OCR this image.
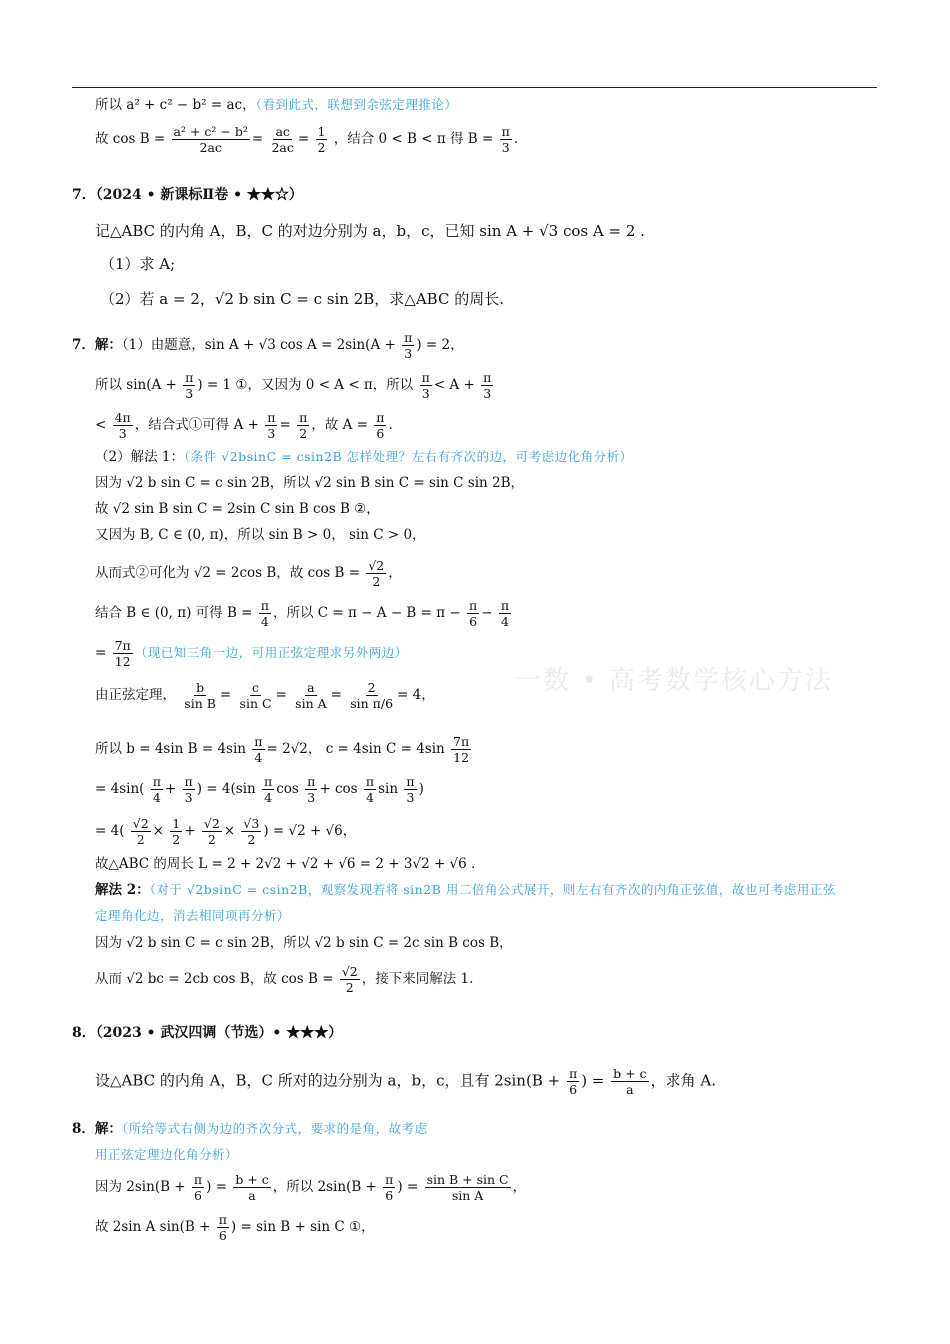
一数 • 高考数学核心方法
所以 a² + c² − b² = ac，（看到此式，联想到余弦定理推论）
故 $\cos B = \frac{\text{a² + c² − b²}}{2ac} = \frac{ac}{2ac} = \frac{1}{2}$ ，结合 0 < B < π 得 $B = \frac{\pi}{3}$ .
7．（2024 • 新课标Ⅱ卷 • ★★☆）
记△ABC 的内角 A，B，C 的对边分别为 a，b，c，已知 sin A + √3 cos A = 2 .
（1）求 A;
（2）若 a = 2，√2 b sin C = c sin 2B，求△ABC 的周长.
7．解：（1）由题意，sin A + √3 $\cos A = 2\sin(A + \frac{\pi}{3}$ ) = 2，
所以 $\sin(A + \frac{\pi}{3}$ ) = 1 ①，又因为 0 < A < π，所以 $\frac{\pi}{3} < A + \frac{\pi}{3}$
< $\frac{4\pi}{3}$ ，结合式①可得 $A + \frac{\pi}{3} = \frac{\pi}{2}$ ，故 $A = \frac{\pi}{6}$ .
（2）解法 1：（条件 √2bsinC = csin2B 怎样处理？左右有齐次的边，可考虑边化角分析）
因为 √2 b sin C = c sin 2B，所以 √2 sin B sin C = sin C sin 2B，
故 √2 sin B sin C = 2sin C sin B cos B ②，
又因为 B, C ∈ (0, π)，所以 sin B > 0， sin C > 0，
从而式②可化为 √2 = 2cos B，故 $\cos B = \frac{√2}{2}$ ，
结合 B ∈ (0, π) 可得 $B = \frac{\pi}{4}$ ，所以 $C = \pi - A - B = \pi - \frac{\pi}{6} - \frac{\pi}{4}$
= $\frac{7\pi}{12}$ （现已知三角一边，可用正弦定理求另外两边）
由正弦定理， $\frac{b}{\text{sin B}} = \frac{c}{\text{sin C}} = \frac{a}{\text{sin A}} = \frac{2}{\text{sin π/6}} = 4$，
所以 b = 4sin $B = 4\sin \frac{\pi}{4} = 2√2$， c = 4sin $C = 4\sin \frac{7\pi}{12}$
= $4\sin( \frac{\pi}{4} + \frac{\pi}{3}$ ) = $4(\sin \frac{\pi}{4}$ $\cos \frac{\pi}{3} + \cos \frac{\pi}{4}$ $\sin \frac{\pi}{3}$ )
= $4( \frac{√2}{2} \times \frac{1}{2} + \frac{√2}{2} \times \frac{√3}{2}$ ) = √2 + √6，
故△ABC 的周长 L = 2 + 2√2 + √2 + √6 = 2 + 3√2 + √6 .
解法 2：（对于 √2bsinC = csin2B，观察发现若将 sin2B 用二倍角公式展开，则左右有齐次的内角正弦值，故也可考虑用正弦
定理角化边，消去相同项再分析）
因为 √2 b sin C = c sin 2B，所以 √2 b sin C = 2c sin B cos B，
从而 √2 bc = 2cb cos B，故 $\cos B = \frac{√2}{2}$ ，接下来同解法 1.
8．（2023 • 武汉四调（节选）• ★★★）
设△ABC 的内角 A，B，C 所对的边分别为 a，b，c，且有 $2\sin(B + \frac{\pi}{6}$ ) = $\frac{b + c}{a}$ ，求角 A.
8．解：（所给等式右侧为边的齐次分式，要求的是角，故考虑
用正弦定理边化角分析）
因为 $2\sin(B + \frac{\pi}{6}$ ) = $\frac{b + c}{a}$ ，所以 $2\sin(B + \frac{\pi}{6}$ ) = $\frac{\text{sin B + sin C}}{\text{sin A}}$ ，
故 2sin A $\sin(B + \frac{\pi}{6}$ ) = sin B + sin C ①，
